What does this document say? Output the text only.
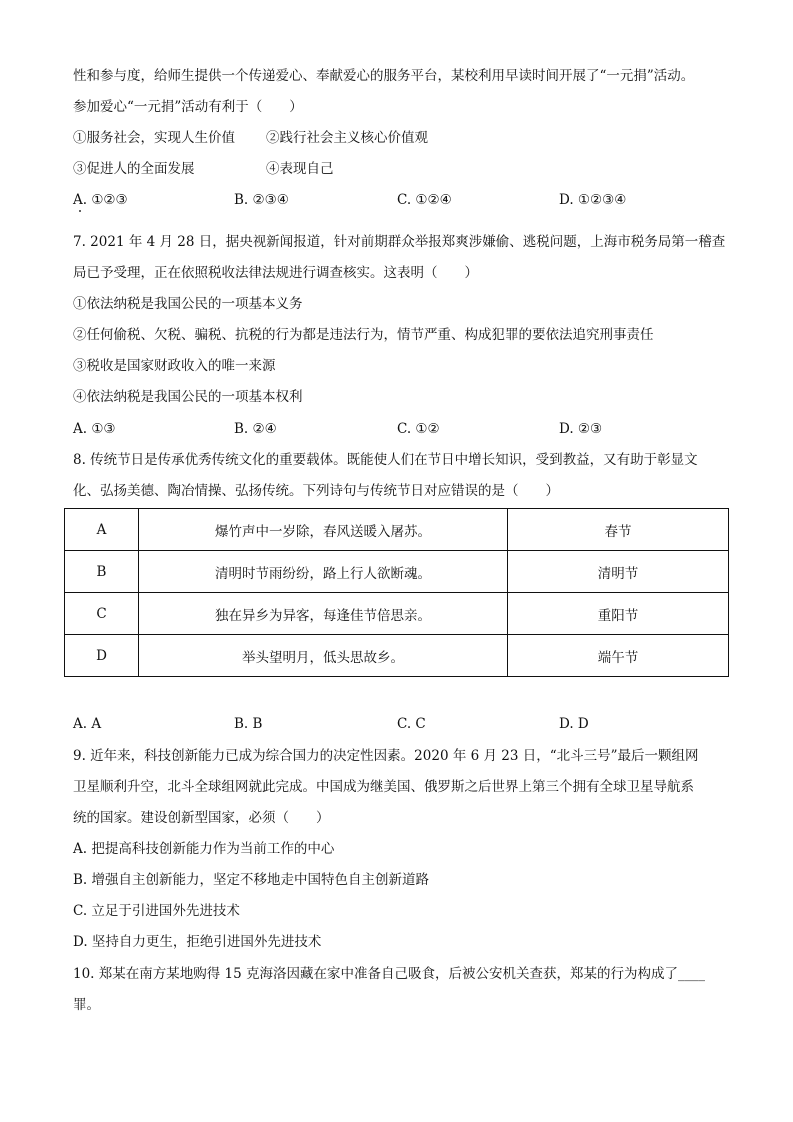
性和参与度，给师生提供一个传递爱心、奉献爱心的服务平台，某校利用早读时间开展了“一元捐”活动。
参加爱心“一元捐”活动有利于（　　）
①服务社会，实现人生价值 ②践行社会主义核心价值观
③促进人的全面发展	④表现自己
A. ①②③	B. ②③④	C. ①②④	D. ①②③④
7. 2021 年 4 月 28 日，据央视新闻报道，针对前期群众举报郑爽涉嫌偷、逃税问题，上海市税务局第一稽查
局已予受理，正在依照税收法律法规进行调查核实。这表明（　　）
①依法纳税是我国公民的一项基本义务
②任何偷税、欠税、骗税、抗税的行为都是违法行为，情节严重、构成犯罪的要依法追究刑事责任
③税收是国家财政收入的唯一来源
④依法纳税是我国公民的一项基本权利
A. ①③	B. ②④	C. ①②	D. ②③
8. 传统节日是传承优秀传统文化的重要载体。既能使人们在节日中增长知识，受到教益，又有助于彰显文
化、弘扬美德、陶冶情操、弘扬传统。下列诗句与传统节日对应错误的是（　　）
A	爆竹声中一岁除，春风送暖入屠苏。	春节
B	清明时节雨纷纷，路上行人欲断魂。	清明节
C	独在异乡为异客，每逢佳节倍思亲。	重阳节
D	举头望明月，低头思故乡。	端午节
A. A	B. B	C. C	D. D
9. 近年来，科技创新能力已成为综合国力的决定性因素。2020 年 6 月 23 日，“北斗三号”最后一颗组网
卫星顺利升空，北斗全球组网就此完成。中国成为继美国、俄罗斯之后世界上第三个拥有全球卫星导航系
统的国家。建设创新型国家，必须（　　）
A. 把提高科技创新能力作为当前工作的中心
B. 增强自主创新能力，坚定不移地走中国特色自主创新道路
C. 立足于引进国外先进技术
D. 坚持自力更生，拒绝引进国外先进技术
10. 郑某在南方某地购得 15 克海洛因藏在家中准备自己吸食，后被公安机关查获，郑某的行为构成了____
罪。
